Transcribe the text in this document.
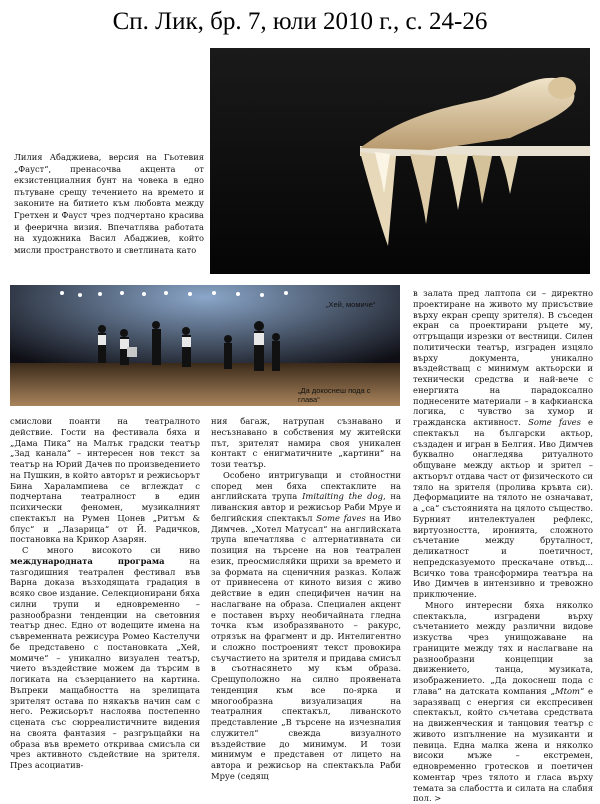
Сп. Лик, бр. 7, юли 2010 г., с. 24-26
Лилия Абаджиева, версия на Гьотевия „Фауст“, пренасочва акцента от екзистенциалния бунт на човека в едно пътуване срещу течението на времето и законите на битието към любовта между Гретхен и Фауст чрез подчертано красива и феерична визия. Впечатлява работата на художника Васил Абаджиев, който мисли пространството и светлината като
„Хей, момиче“
„Да докоснеш пода с глава“

смислови поанти на театралното действие. Гости на фестивала бяха и „Дама Пика“ на Малък градски театър „Зад канала“ – интересен нов текст за театър на Юрий Дачев по произведението на Пушкин, в който авторът и режисьорът Бина Харалампиева се вглеждат с подчертана театралност в един психически феномен, музикалният спектакъл на Румен Цонев „Ритъм & блус“ и „Лазарица“ от Й. Радичков, постановка на Крикор Азарян.

С много високото си ниво международната програма на тазгодишния театрален фестивал във Варна доказа възходящата градация в всяко свое издание. Селекционирани бяха силни трупи и едновременно – разнообразни тенденции на световния театър днес. Едно от водещите имена на съвременната режисура Ромео Кастелучи бе представено с постановката „Хей, момиче“ – уникално визуален театър, чието въздействие можем да търсим в логиката на съзерцанието на картина. Въпреки мащабността на зрелищата зрителят остава по някакъв начин сам с него. Режисьорът наслоява постепенно сцената със сюрреалистичните видения на своята фантазия – разгръщайки на образа във времето откриваа смисъла си чрез активното съдействие на зрителя. През асоциатив-

ния багаж, натрупан съзнавано и несъзнавано в собствения му житейски път, зрителят намира своя уникален контакт с енигматичните „картини“ на този театър.

Особено интригуващи и стойностни според мен бяха спектаклите на английската трупа Imitaiting the dog, на ливанския автор и режисьор Раби Мруе и белгийския спектакъл Some faves на Иво Димчев. „Хотел Матусал“ на английската трупа впечатлява с алтернативната си позиция на търсене на нов театрален език, преосмисляйки щрихи за времето и за формата на сценичния разказ. Колаж от привнесена от киното визия с живо действие в един специфичен начин на наслагване на образа. Специален акцент е поставен върху необичайната гледна точка към изобразяваното – ракурс, отрязък на фрагмент и др. Интелигентно и сложно построеният текст провокира съучастието на зрителя и придава смисъл в съотнасянето му към образа. Срещуположно на силно проявената тенденция към все по-ярка и многообразна визуализация на театралния спектакъл, ливанското представление „В търсене на изчезналия служител“ свежда визуалното въздействие до минимум. И този минимум е представен от лицето на автора и режисьор на спектакъла Раби Мруе (седящ

в залата пред лаптопа си – директно проектиране на живото му присъствие върху екран срещу зрителя). В съседен екран са проектирани ръцете му, отгръщащи изрезки от вестници. Силен политически театър, изграден изцяло върху документа, уникално въздействащ с минимум актьорски и технически средства и най-вече с енергията на парадоксално поднесените материали – в кафкианска логика, с чувство за хумор и гражданска активност. Some faves е спектакъл на български актьор, създаден и игран в Белгия. Иво Димчев буквално онагледява ритуалното общуване между актьор и зрител – актьорът отдава част от физическото си тяло на зрителя (пролива кръвта си). Деформациите на тялото не означават, а „са“ състоянията на цялото същество. Бурният интелектуален рефлекс, виртуозността, иронията, сложното съчетание между бруталност, деликатност и поетичност, непредсказуемото прескачане отвъд... Всичко това трансформира театъра на Иво Димчев в интензивно и тревожно приключение.

Много интересни бяха няколко спектакъла, изградени върху съчетанието между различни видове изкуства чрез унищожаване на границите между тях и наслагване на разнообразни концепции за движението, танца, музиката, изображението. „Да докоснеш пода с глава“ на датската компания „Mtom“ е заразяващ с енергия си експресивен спектакъл, който съчетава средствата на движенческия и танцовия театър с живото изпълнение на музиканти и певица. Една малка жена и няколко високи мъже – екстремен, едновременно гротесков и поетичен коментар чрез тялото и гласа върху темата за слабостта и силата на слабия пол. >
